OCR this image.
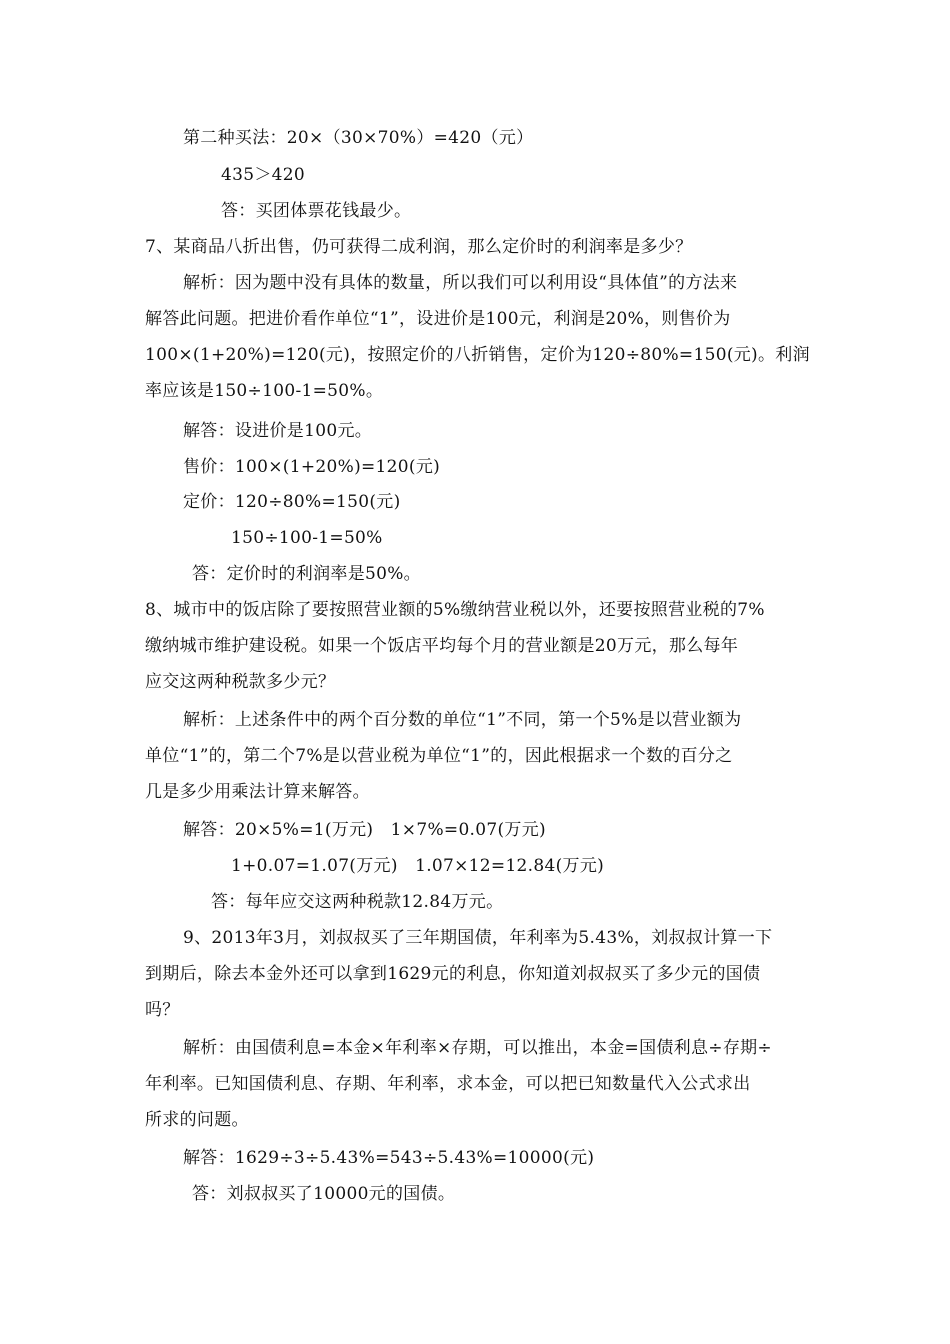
第二种买法：20×（30×70%）=420（元）
435＞420
答：买团体票花钱最少。
7、某商品八折出售，仍可获得二成利润，那么定价时的利润率是多少？
解析：因为题中没有具体的数量，所以我们可以利用设“具体值”的方法来
解答此问题。把进价看作单位“1”，设进价是100元，利润是20%，则售价为
100×(1+20%)=120(元)，按照定价的八折销售，定价为120÷80%=150(元)。利润
率应该是150÷100-1=50%。
解答：设进价是100元。
售价：100×(1+20%)=120(元)
定价：120÷80%=150(元)
150÷100-1=50%
答：定价时的利润率是50%。
8、城市中的饭店除了要按照营业额的5%缴纳营业税以外，还要按照营业税的7%
缴纳城市维护建设税。如果一个饭店平均每个月的营业额是20万元，那么每年
应交这两种税款多少元？
解析：上述条件中的两个百分数的单位“1”不同，第一个5%是以营业额为
单位“1”的，第二个7%是以营业税为单位“1”的，因此根据求一个数的百分之
几是多少用乘法计算来解答。
解答：20×5%=1(万元)　1×7%=0.07(万元)
1+0.07=1.07(万元)　1.07×12=12.84(万元)
答：每年应交这两种税款12.84万元。
9、2013年3月，刘叔叔买了三年期国债，年利率为5.43%，刘叔叔计算一下
到期后，除去本金外还可以拿到1629元的利息，你知道刘叔叔买了多少元的国债
吗？
解析：由国债利息=本金×年利率×存期，可以推出，本金=国债利息÷存期÷
年利率。已知国债利息、存期、年利率，求本金，可以把已知数量代入公式求出
所求的问题。
解答：1629÷3÷5.43%=543÷5.43%=10000(元)
答：刘叔叔买了10000元的国债。
